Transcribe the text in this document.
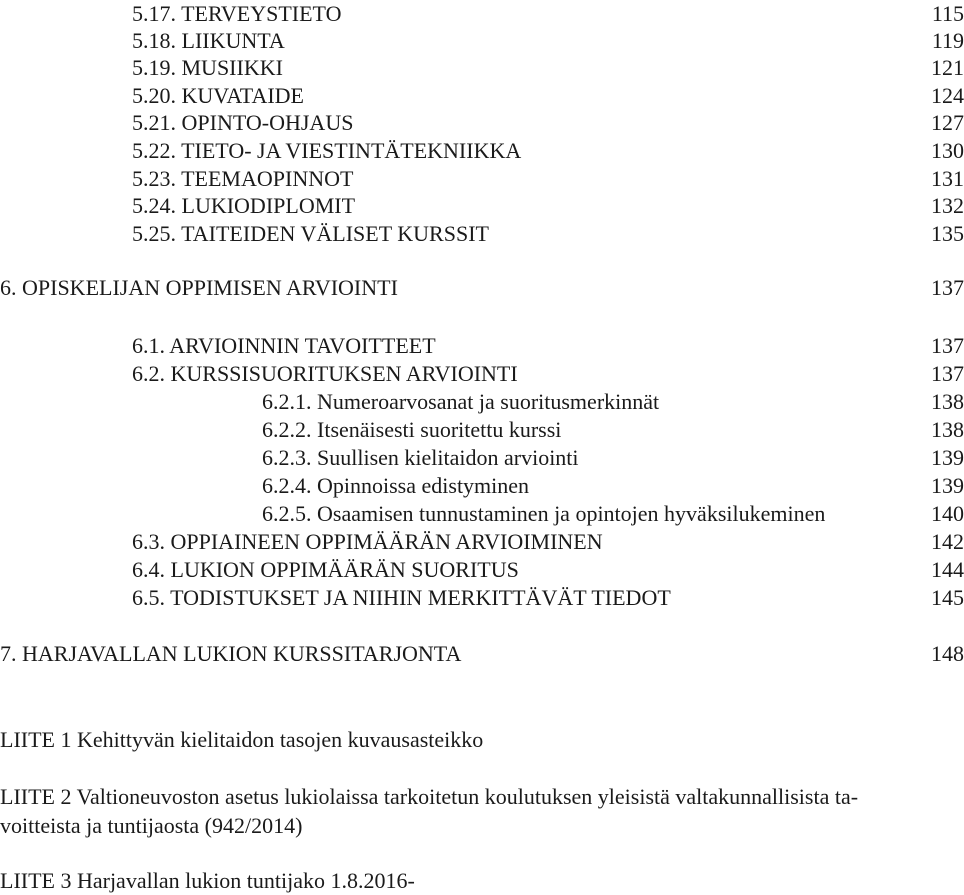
5.17. TERVEYSTIETO	115
5.18. LIIKUNTA	119
5.19. MUSIIKKI	121
5.20. KUVATAIDE	124
5.21. OPINTO-OHJAUS	127
5.22. TIETO- JA VIESTINTÄTEKNIIKKA	130
5.23. TEEMAOPINNOT	131
5.24. LUKIODIPLOMIT	132
5.25. TAITEIDEN VÄLISET KURSSIT	135
6. OPISKELIJAN OPPIMISEN ARVIOINTI	137
6.1. ARVIOINNIN TAVOITTEET	137
6.2. KURSSISUORITUKSEN ARVIOINTI	137
6.2.1. Numeroarvosanat ja suoritusmerkinnät	138
6.2.2. Itsenäisesti suoritettu kurssi	138
6.2.3. Suullisen kielitaidon arviointi	139
6.2.4. Opinnoissa edistyminen	139
6.2.5. Osaamisen tunnustaminen ja opintojen hyväksilukeminen	140
6.3. OPPIAINEEN OPPIMÄÄRÄN ARVIOIMINEN	142
6.4. LUKION OPPIMÄÄRÄN SUORITUS	144
6.5. TODISTUKSET JA NIIHIN MERKITTÄVÄT TIEDOT	145
7. HARJAVALLAN LUKION KURSSITARJONTA	148
LIITE 1 Kehittyvän kielitaidon tasojen kuvausasteikko
LIITE 2 Valtioneuvoston asetus lukiolaissa tarkoitetun koulutuksen yleisistä valtakunnallisista ta-
voitteista ja tuntijaosta (942/2014)
LIITE 3 Harjavallan lukion tuntijako 1.8.2016-
